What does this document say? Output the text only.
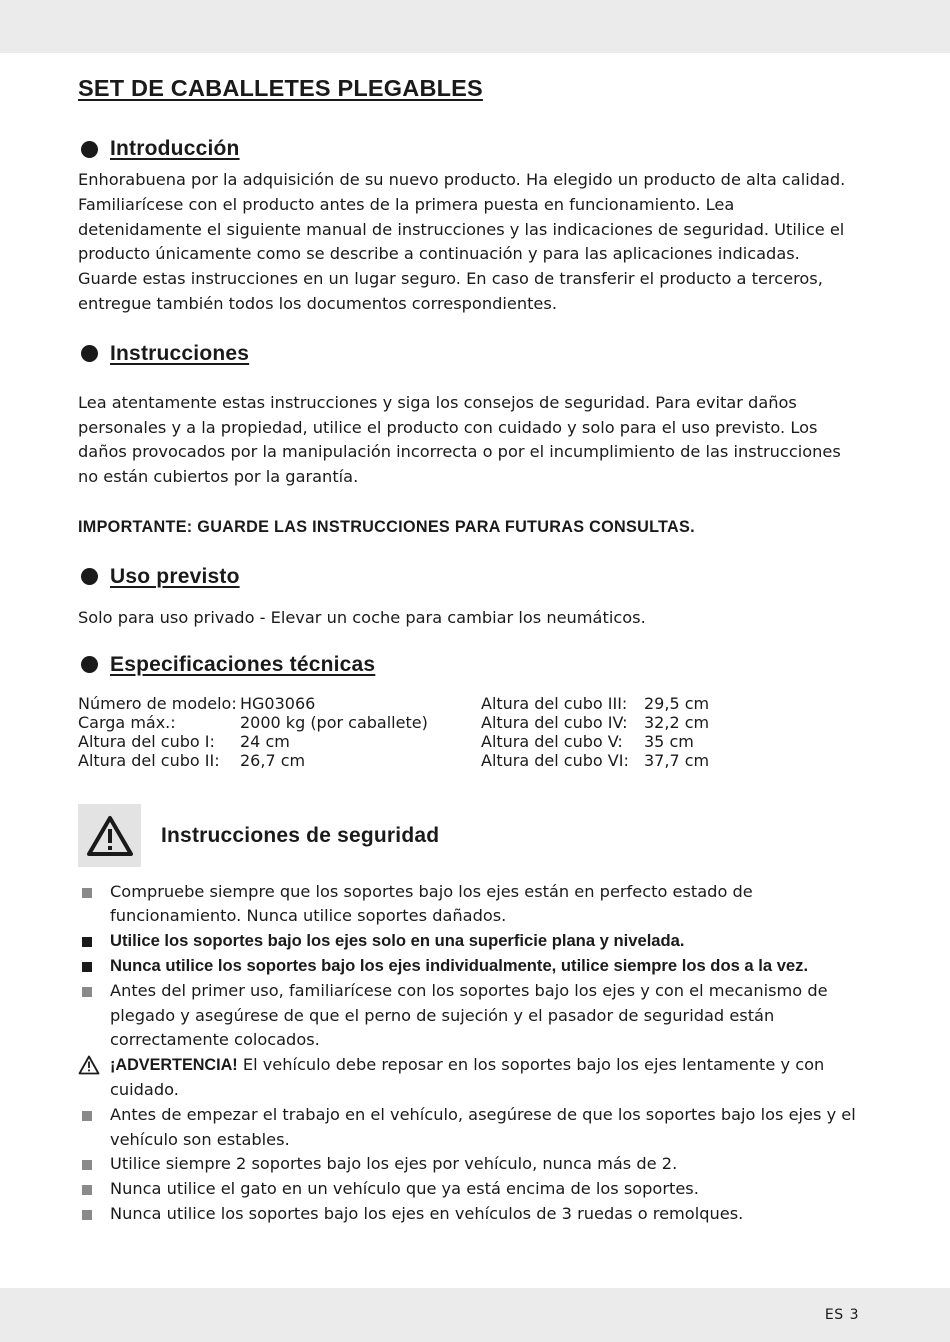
SET DE CABALLETES PLEGABLES
Introducción

Enhorabuena por la adquisición de su nuevo producto. Ha elegido un producto de alta calidad. Familiarícese con el producto antes de la primera puesta en funcionamiento. Lea detenidamente el siguiente manual de instrucciones y las indicaciones de seguridad. Utilice el producto únicamente como se describe a continuación y para las aplicaciones indicadas. Guarde estas instrucciones en un lugar seguro. En caso de transferir el producto a terceros, entregue también todos los documentos correspondientes.

Instrucciones

Lea atentamente estas instrucciones y siga los consejos de seguridad. Para evitar daños personales y a la propiedad, utilice el producto con cuidado y solo para el uso previsto. Los daños provocados por la manipulación incorrecta o por el incumplimiento de las instrucciones no están cubiertos por la garantía.

IMPORTANTE: GUARDE LAS INSTRUCCIONES PARA FUTURAS CONSULTAS.

Uso previsto

Solo para uso privado - Elevar un coche para cambiar los neumáticos.

Especificaciones técnicas
Número de modelo: HG03066
Carga máx.:	2000 kg (por caballete)
Altura del cubo I:	24 cm
Altura del cubo II:	26,7 cm
Altura del cubo III:	29,5 cm
Altura del cubo IV:	32,2 cm
Altura del cubo V:	35 cm
Altura del cubo VI: 37,7 cm
Instrucciones de seguridad
Compruebe siempre que los soportes bajo los ejes están en perfecto estado de funcionamiento. Nunca utilice soportes dañados.
Utilice los soportes bajo los ejes solo en una superficie plana y nivelada.
Nunca utilice los soportes bajo los ejes individualmente, utilice siempre los dos a la vez.
Antes del primer uso, familiarícese con los soportes bajo los ejes y con el mecanismo de plegado y asegúrese de que el perno de sujeción y el pasador de seguridad están correctamente colocados.
¡ADVERTENCIA! El vehículo debe reposar en los soportes bajo los ejes lentamente y con cuidado.
Antes de empezar el trabajo en el vehículo, asegúrese de que los soportes bajo los ejes y el vehículo son estables.
Utilice siempre 2 soportes bajo los ejes por vehículo, nunca más de 2.
Nunca utilice el gato en un vehículo que ya está encima de los soportes.
Nunca utilice los soportes bajo los ejes en vehículos de 3 ruedas o remolques.
ES 3
